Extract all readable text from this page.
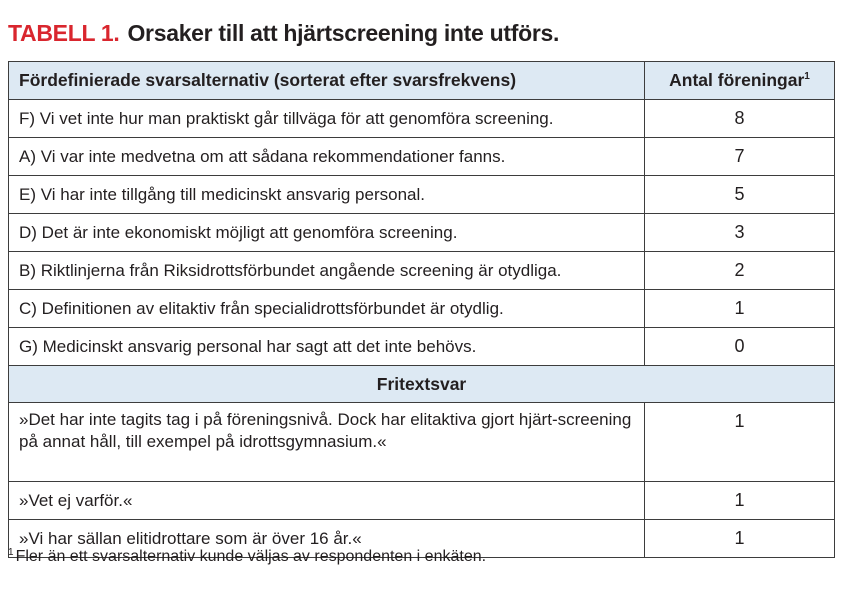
TABELL 1. Orsaker till att hjärtscreening inte utförs.
Fördefinierade svarsalternativ (sorterat efter svarsfrekvens)	Antal föreningar$^1$
F) Vi vet inte hur man praktiskt går tillväga för att genomföra screening.	8
A) Vi var inte medvetna om att sådana rekommendationer fanns.	7
E) Vi har inte tillgång till medicinskt ansvarig personal.	5
D) Det är inte ekonomiskt möjligt att genomföra screening.	3
B) Riktlinjerna från Riksidrottsförbundet angående screening är otydliga.	2
C) Definitionen av elitaktiv från specialidrottsförbundet är otydlig.	1
G) Medicinskt ansvarig personal har sagt att det inte behövs.	0
Fritextsvar	
»Det har inte tagits tag i på föreningsnivå. Dock har elitaktiva gjort hjärt-screening på annat håll, till exempel på idrottsgymnasium.«	1
»Vet ej varför.«	1
»Vi har sällan elitidrottare som är över 16 år.«	1
$^1$ Fler än ett svarsalternativ kunde väljas av respondenten i enkäten.
